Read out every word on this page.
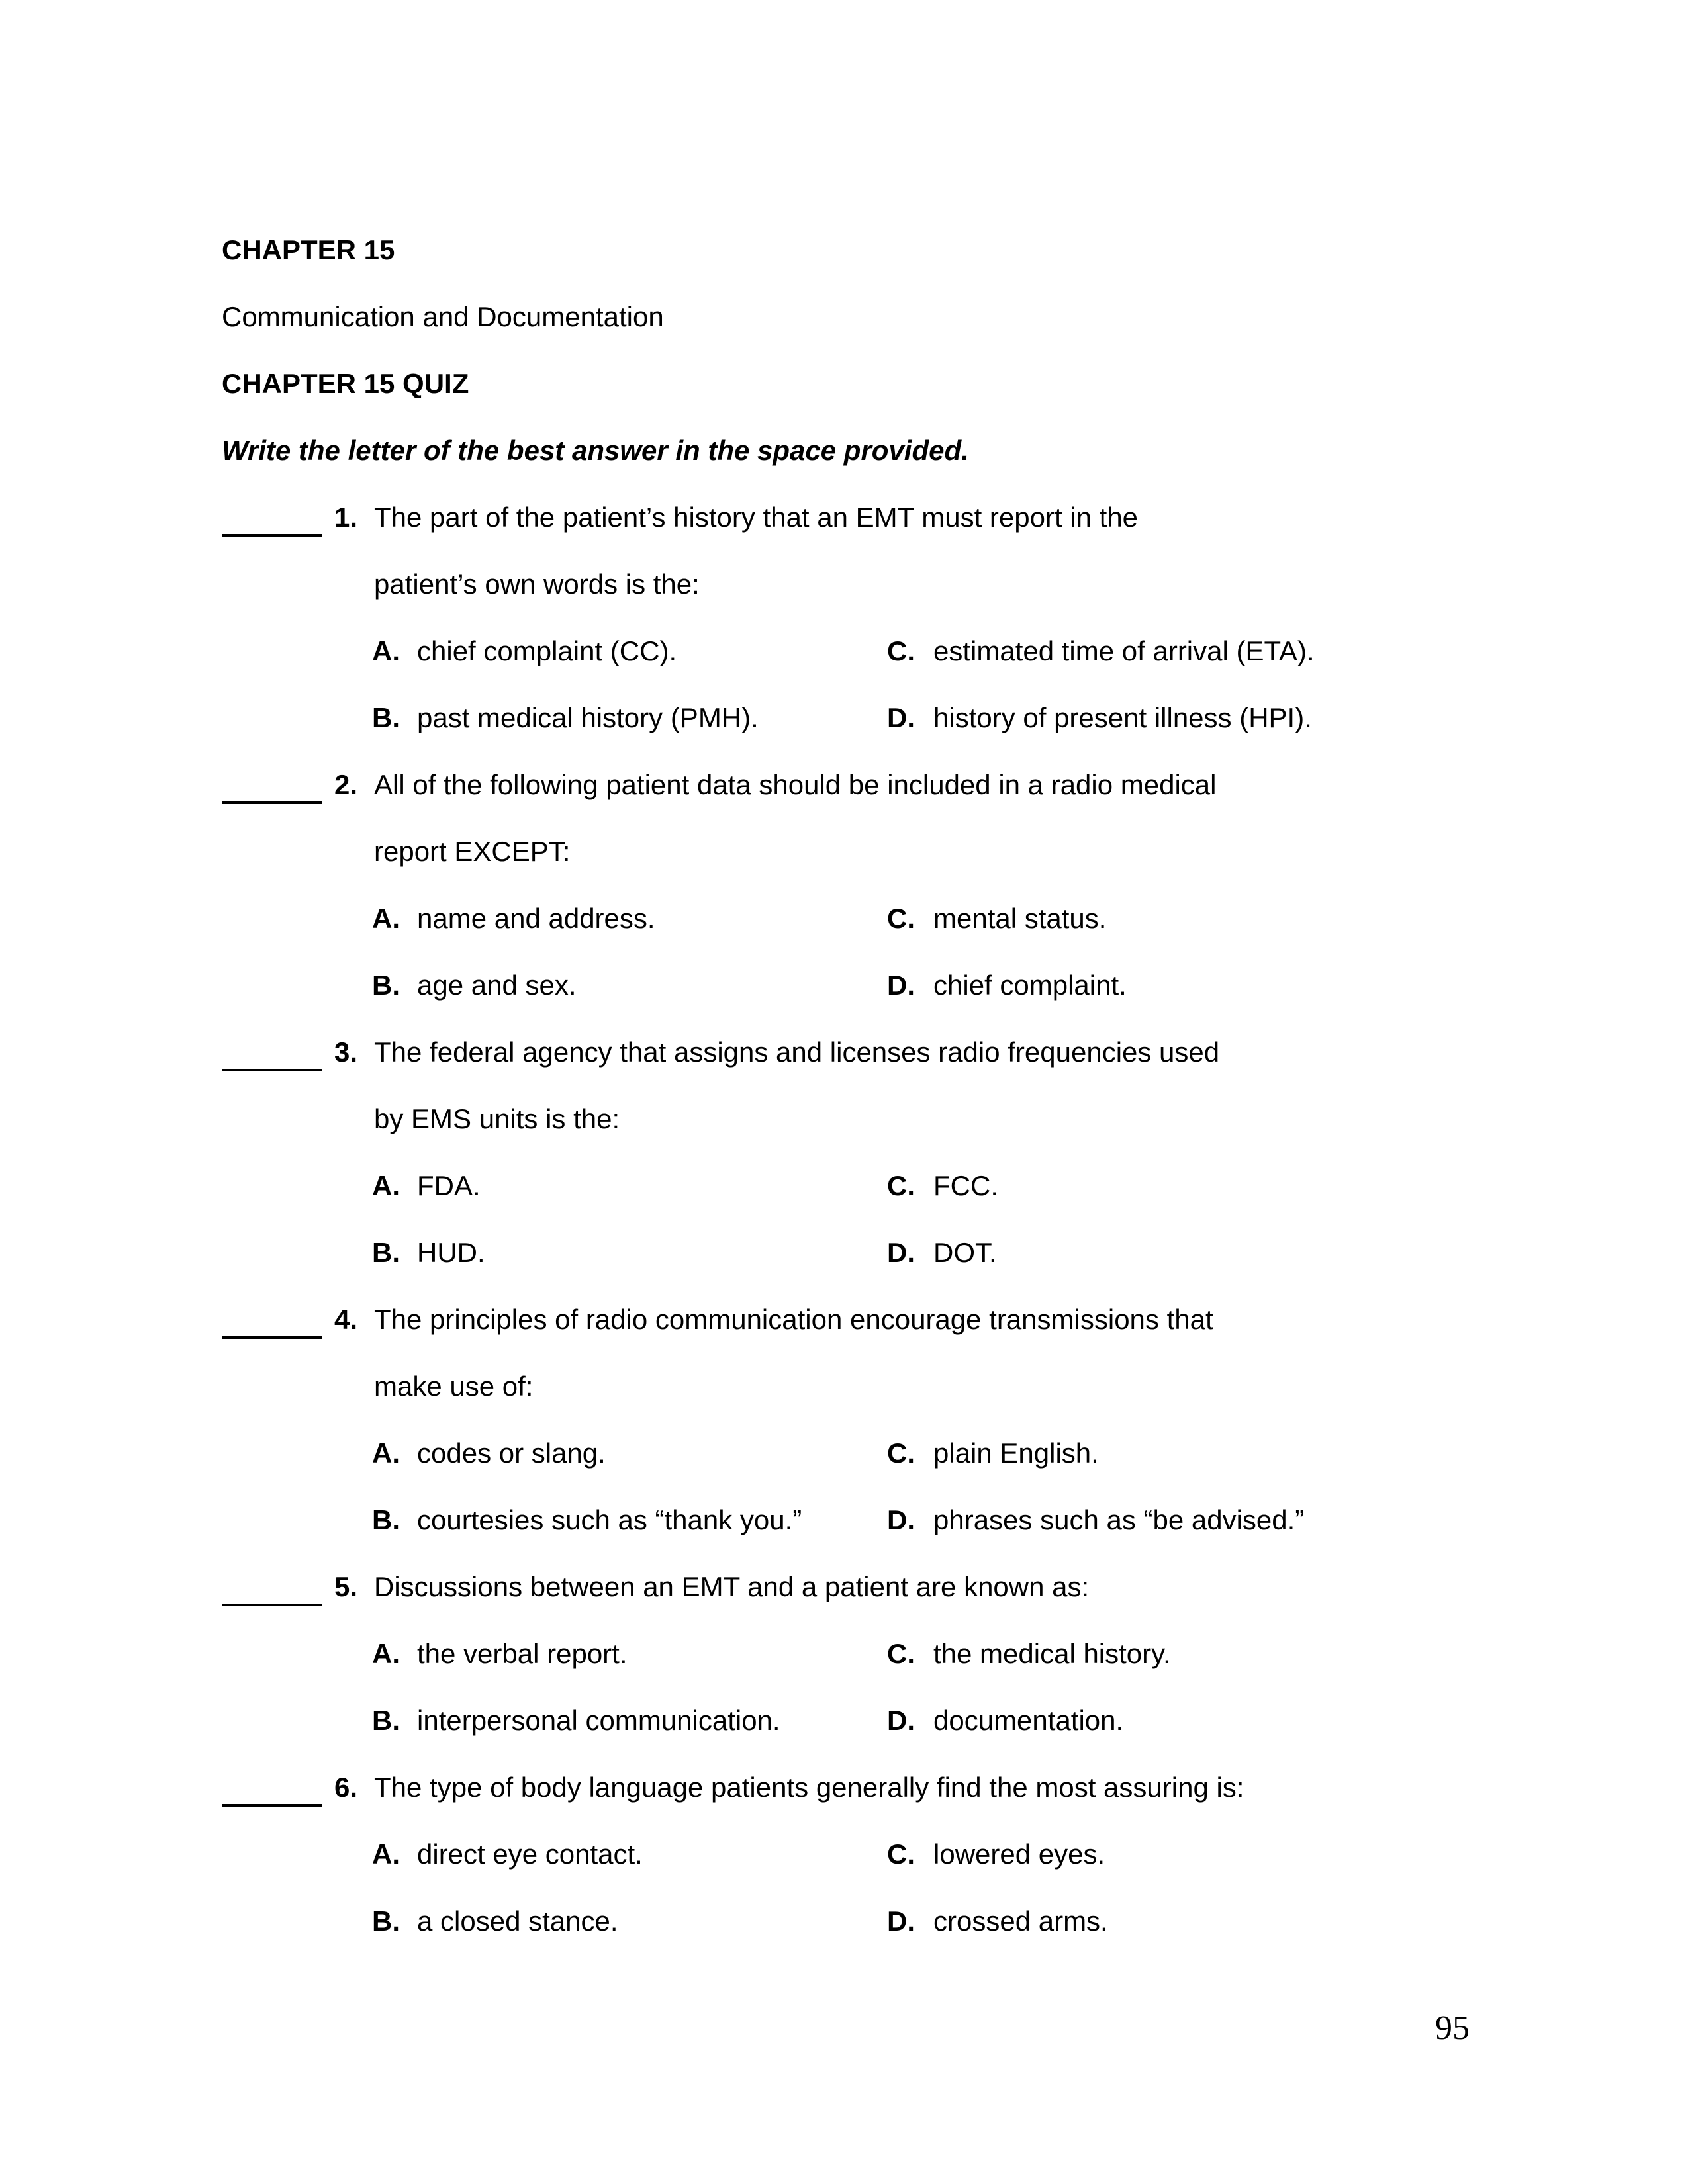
CHAPTER 15
Communication and Documentation
CHAPTER 15 QUIZ
Write the letter of the best answer in the space provided.
1. The part of the patient’s history that an EMT must report in the
patient’s own words is the:
A. chief complaint (CC).	C. estimated time of arrival (ETA).
B. past medical history (PMH).	D. history of present illness (HPI).
2. All of the following patient data should be included in a radio medical
report EXCEPT:
A. name and address.	C. mental status.
B. age and sex.	D. chief complaint.
3. The federal agency that assigns and licenses radio frequencies used
by EMS units is the:
A. FDA.	C. FCC.
B. HUD.	D. DOT.
4. The principles of radio communication encourage transmissions that
make use of:
A. codes or slang.	C. plain English.
B. courtesies such as “thank you.”	D. phrases such as “be advised.”
5. Discussions between an EMT and a patient are known as:
A. the verbal report.	C. the medical history.
B. interpersonal communication.	D. documentation.
6. The type of body language patients generally find the most assuring is:
A. direct eye contact.	C. lowered eyes.
B. a closed stance.	D. crossed arms.
95
